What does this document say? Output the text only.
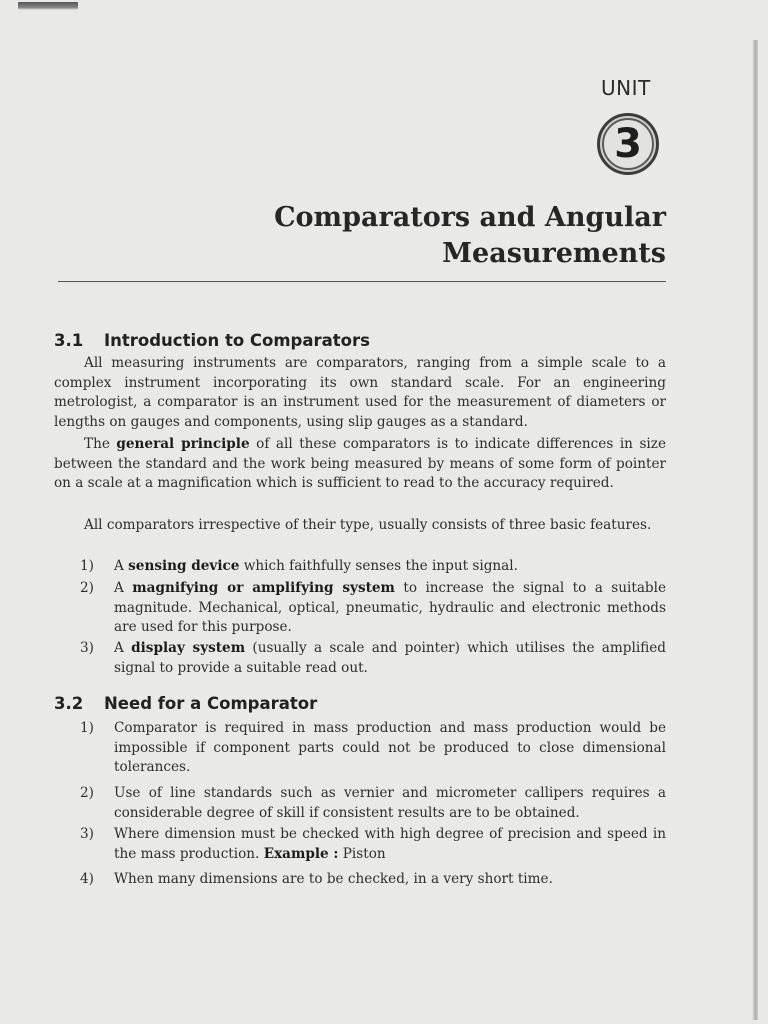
UNIT
3
Comparators and Angular
Measurements
3.1 Introduction to Comparators
All measuring instruments are comparators, ranging from a simple scale to a complex instrument incorporating its own standard scale. For an engineering metrologist, a comparator is an instrument used for the measurement of diameters or lengths on gauges and components, using slip gauges as a standard.
The general principle of all these comparators is to indicate differences in size between the standard and the work being measured by means of some form of pointer on a scale at a magnification which is sufficient to read to the accuracy required.
All comparators irrespective of their type, usually consists of three basic features.
1)	A sensing device which faithfully senses the input signal.
2)	A magnifying or amplifying system to increase the signal to a suitable magnitude. Mechanical, optical, pneumatic, hydraulic and electronic methods are used for this purpose.
3)	A display system (usually a scale and pointer) which utilises the amplified signal to provide a suitable read out.
3.2 Need for a Comparator
1)	Comparator is required in mass production and mass production would be impossible if component parts could not be produced to close dimensional tolerances.
2)	Use of line standards such as vernier and micrometer callipers requires a considerable degree of skill if consistent results are to be obtained.
3)	Where dimension must be checked with high degree of precision and speed in the mass production. Example : Piston
4)	When many dimensions are to be checked, in a very short time.
